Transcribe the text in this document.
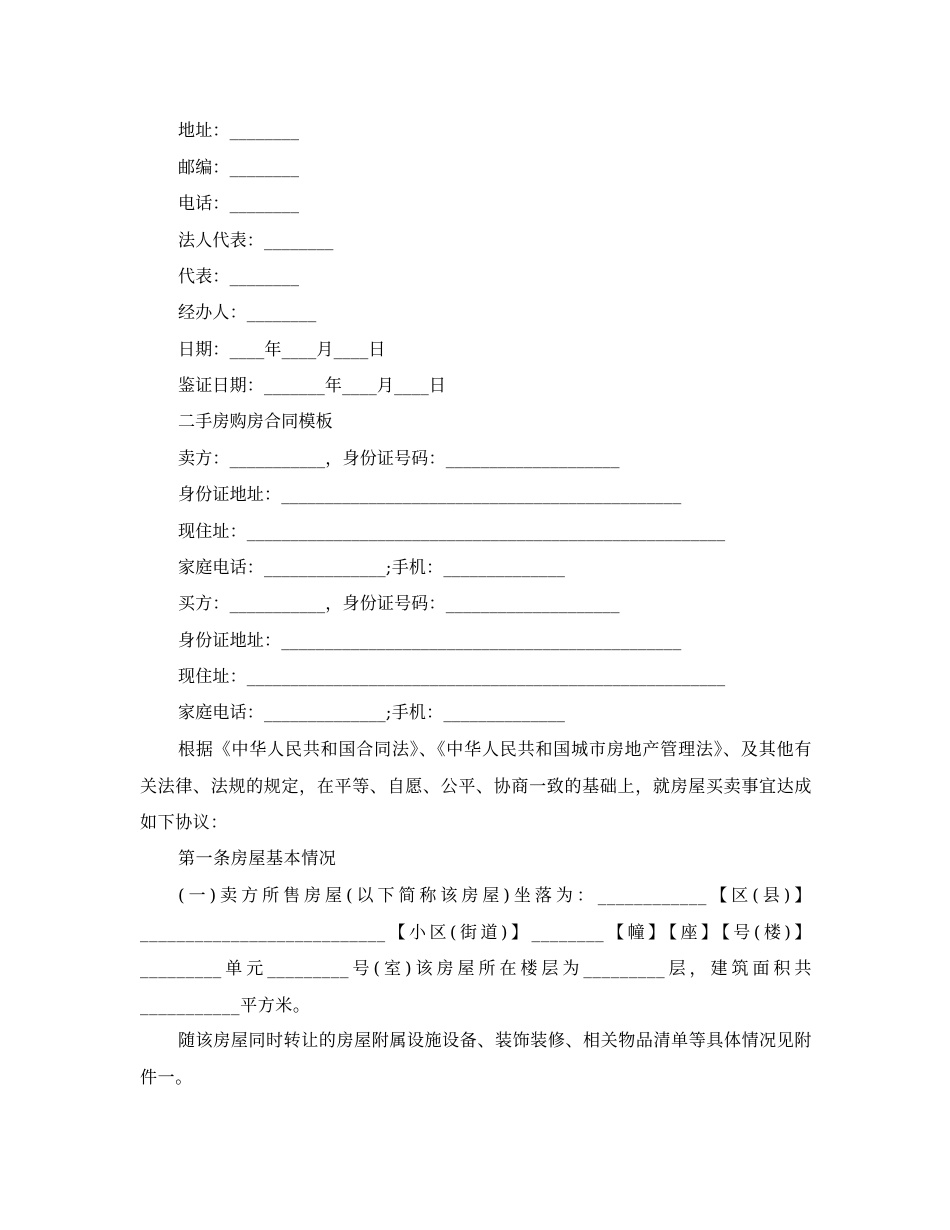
地址：________
邮编：________
电话：________
法人代表：________
代表：________
经办人：________
日期：____年____月____日
鉴证日期：_______年____月____日
二手房购房合同模板
卖方：___________，身份证号码：____________________
身份证地址：______________________________________________
现住址：_______________________________________________________
家庭电话：______________;手机：______________
买方：___________，身份证号码：____________________
身份证地址：______________________________________________
现住址：_______________________________________________________
家庭电话：______________;手机：______________
根据《中华人民共和国合同法》、《中华人民共和国城市房地产管理法》、及其他有关法律、法规的规定，在平等、自愿、公平、协商一致的基础上，就房屋买卖事宜达成如下协议：
第一条房屋基本情况
(一)卖方所售房屋(以下简称该房屋)坐落为：____________【区(县)】___________________________【小区(街道)】________【幢】【座】【号(楼)】_________单元_________号(室)该房屋所在楼层为_________层，建筑面积共___________平方米。
随该房屋同时转让的房屋附属设施设备、装饰装修、相关物品清单等具体情况见附件一。
